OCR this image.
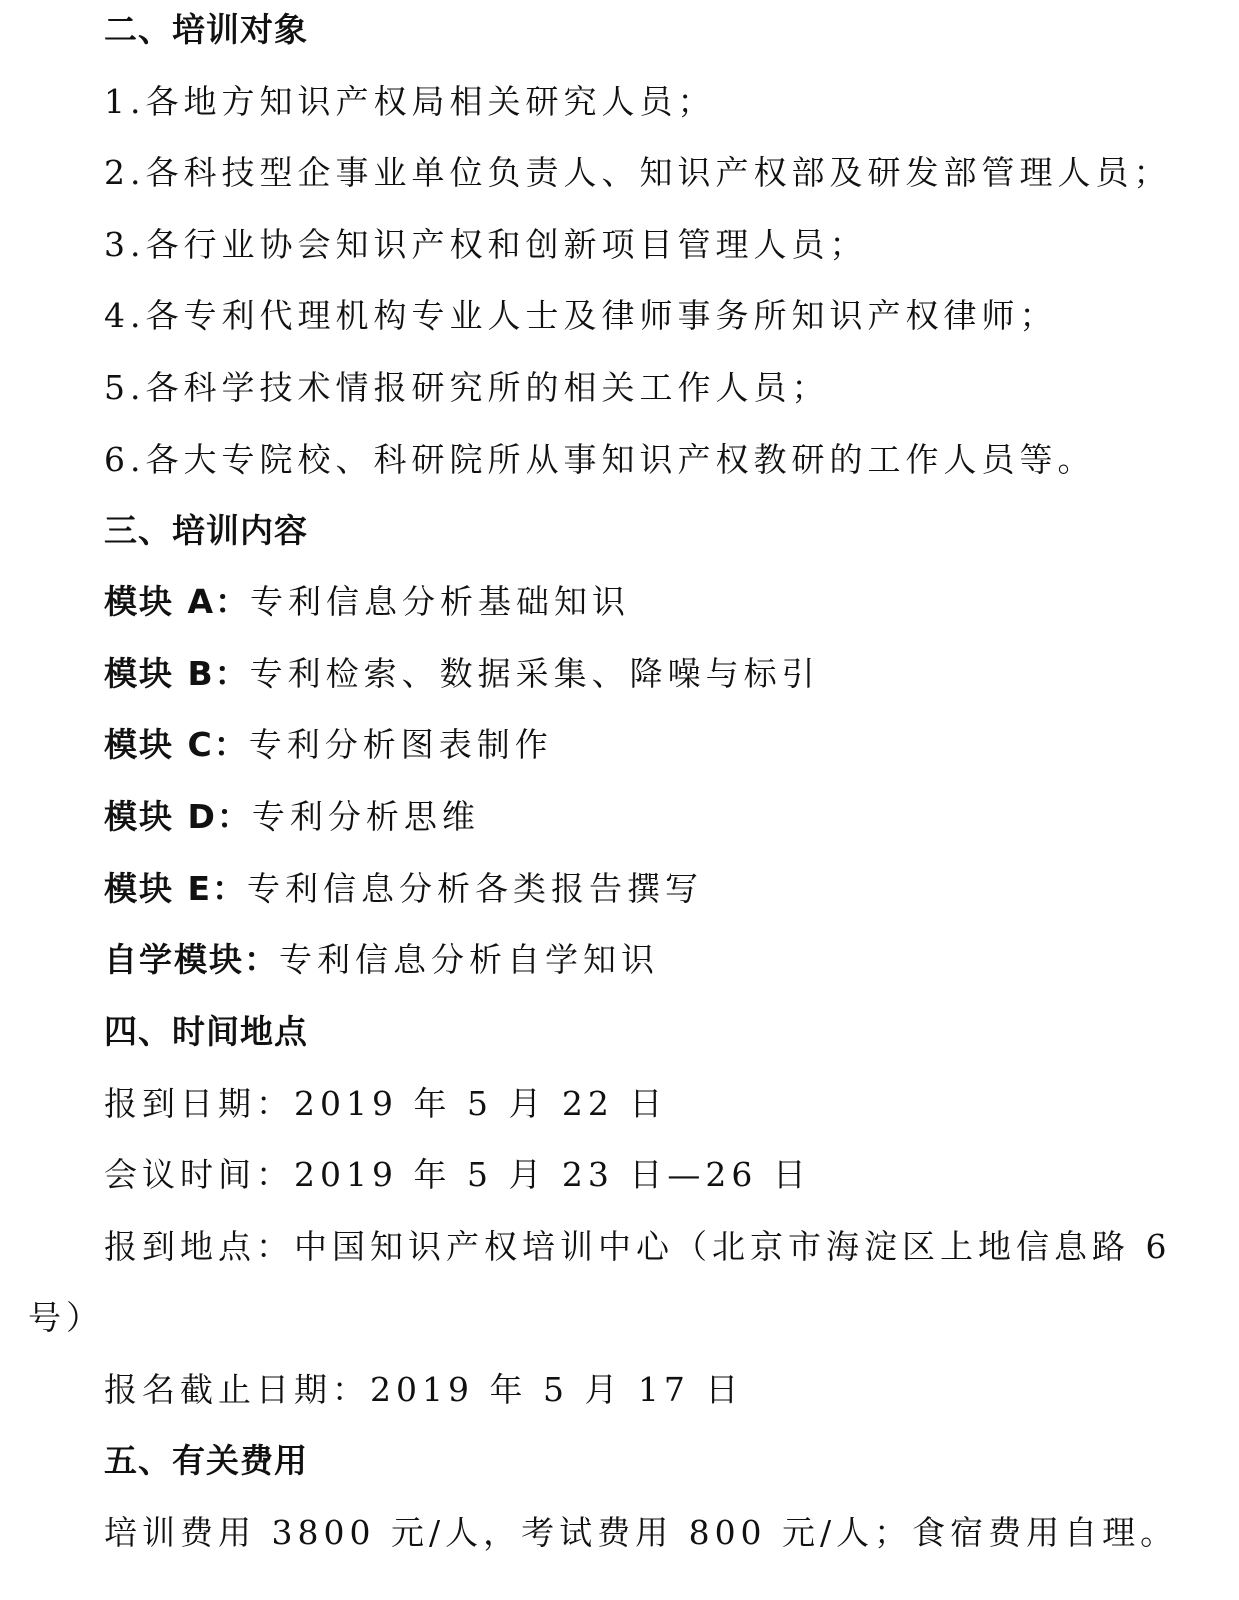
二、培训对象
1.各地方知识产权局相关研究人员；
2.各科技型企事业单位负责人、知识产权部及研发部管理人员；
3.各行业协会知识产权和创新项目管理人员；
4.各专利代理机构专业人士及律师事务所知识产权律师；
5.各科学技术情报研究所的相关工作人员；
6.各大专院校、科研院所从事知识产权教研的工作人员等。
三、培训内容
模块 A：专利信息分析基础知识
模块 B：专利检索、数据采集、降噪与标引
模块 C：专利分析图表制作
模块 D：专利分析思维
模块 E：专利信息分析各类报告撰写
自学模块：专利信息分析自学知识
四、时间地点
报到日期：2019 年 5 月 22 日
会议时间：2019 年 5 月 23 日—26 日
报到地点：中国知识产权培训中心（北京市海淀区上地信息路 6
号）
报名截止日期：2019 年 5 月 17 日
五、有关费用
培训费用 3800 元/人，考试费用 800 元/人；食宿费用自理。
